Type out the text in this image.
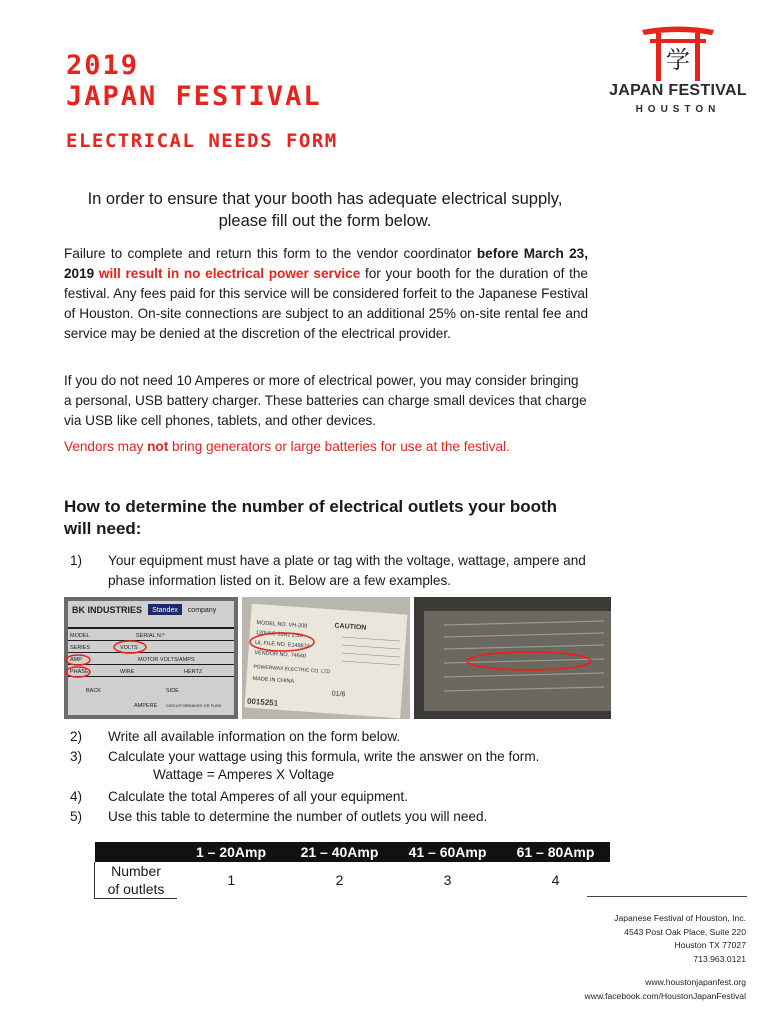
2019
JAPAN FESTIVAL
ELECTRICAL NEEDS FORM
学
JAPAN FESTIVAL
HOUSTON

In order to ensure that your booth has adequate electrical supply,
please fill out the form below.

Failure to complete and return this form to the vendor coordinator before March 23, 2019 will result in no electrical power service for your booth for the duration of the festival. Any fees paid for this service will be considered forfeit to the Japanese Festival of Houston. On-site connections are subject to an additional 25% on-site rental fee and service may be denied at the discretion of the electrical provider.

If you do not need 10 Amperes or more of electrical power, you may consider bringing a personal, USB battery charger. These batteries can charge small devices that charge via USB like cell phones, tablets, and other devices.

Vendors may not bring generators or large batteries for use at the festival.

How to determine the number of electrical outlets your booth will need:
1) Your equipment must have a plate or tag with the voltage, wattage, ampere and phase information listed on it. Below are a few examples.
BK INDUSTRIES Standex company
MODEL
SERIES
AMP
PHASE
SERIAL N.º
VOLTS
MOTOR VOLTS/AMPS
WIRE	HERTZ
BACK	SIDE
AMPERE CIRCUIT BREAKER OR FUSE
MODEL NO. VH-208
120VAC 60Hz 2.5A
UL FILE NO. E148874
VENDOR NO. 74640
POWERWAX ELECTRIC CO. LTD
MADE IN CHINA
CAUTION
01/6
0015251
2) Write all available information on the form below.
3) Calculate your wattage using this formula, write the answer on the form.
4) Calculate the total Amperes of all your equipment.
5) Use this table to determine the number of outlets you will need.
Wattage = Amperes X Voltage
	1 – 20Amp	21 – 40Amp	41 – 60Amp	61 – 80Amp
Number
of outlets	1	2	3	4
Japanese Festival of Houston, Inc.
4543 Post Oak Place, Suite 220
Houston TX 77027
713.963.0121
www.houstonjapanfest.org
www.facebook.com/HoustonJapanFestival
